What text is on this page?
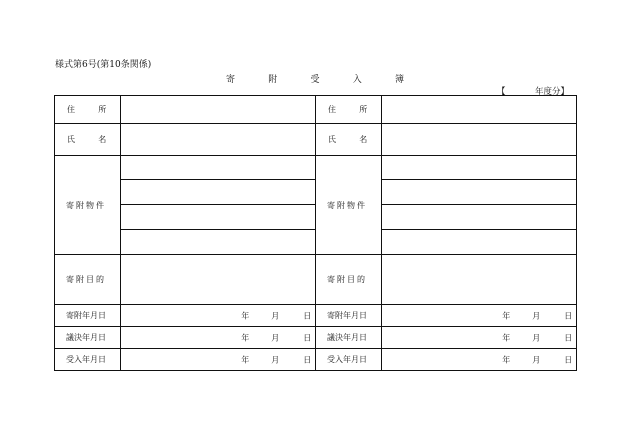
様式第6号(第10条関係)
寄	附	受	入	簿
【	年度分】
住 所		住 所	

氏 名		氏 名	

寄附物件		寄附物件	

寄附目的		寄附目的	

寄附年月日	年 月 日	寄附年月日	年 月 日

議決年月日	年 月 日	議決年月日	年 月 日

受入年月日	年 月 日	受入年月日	年 月 日
